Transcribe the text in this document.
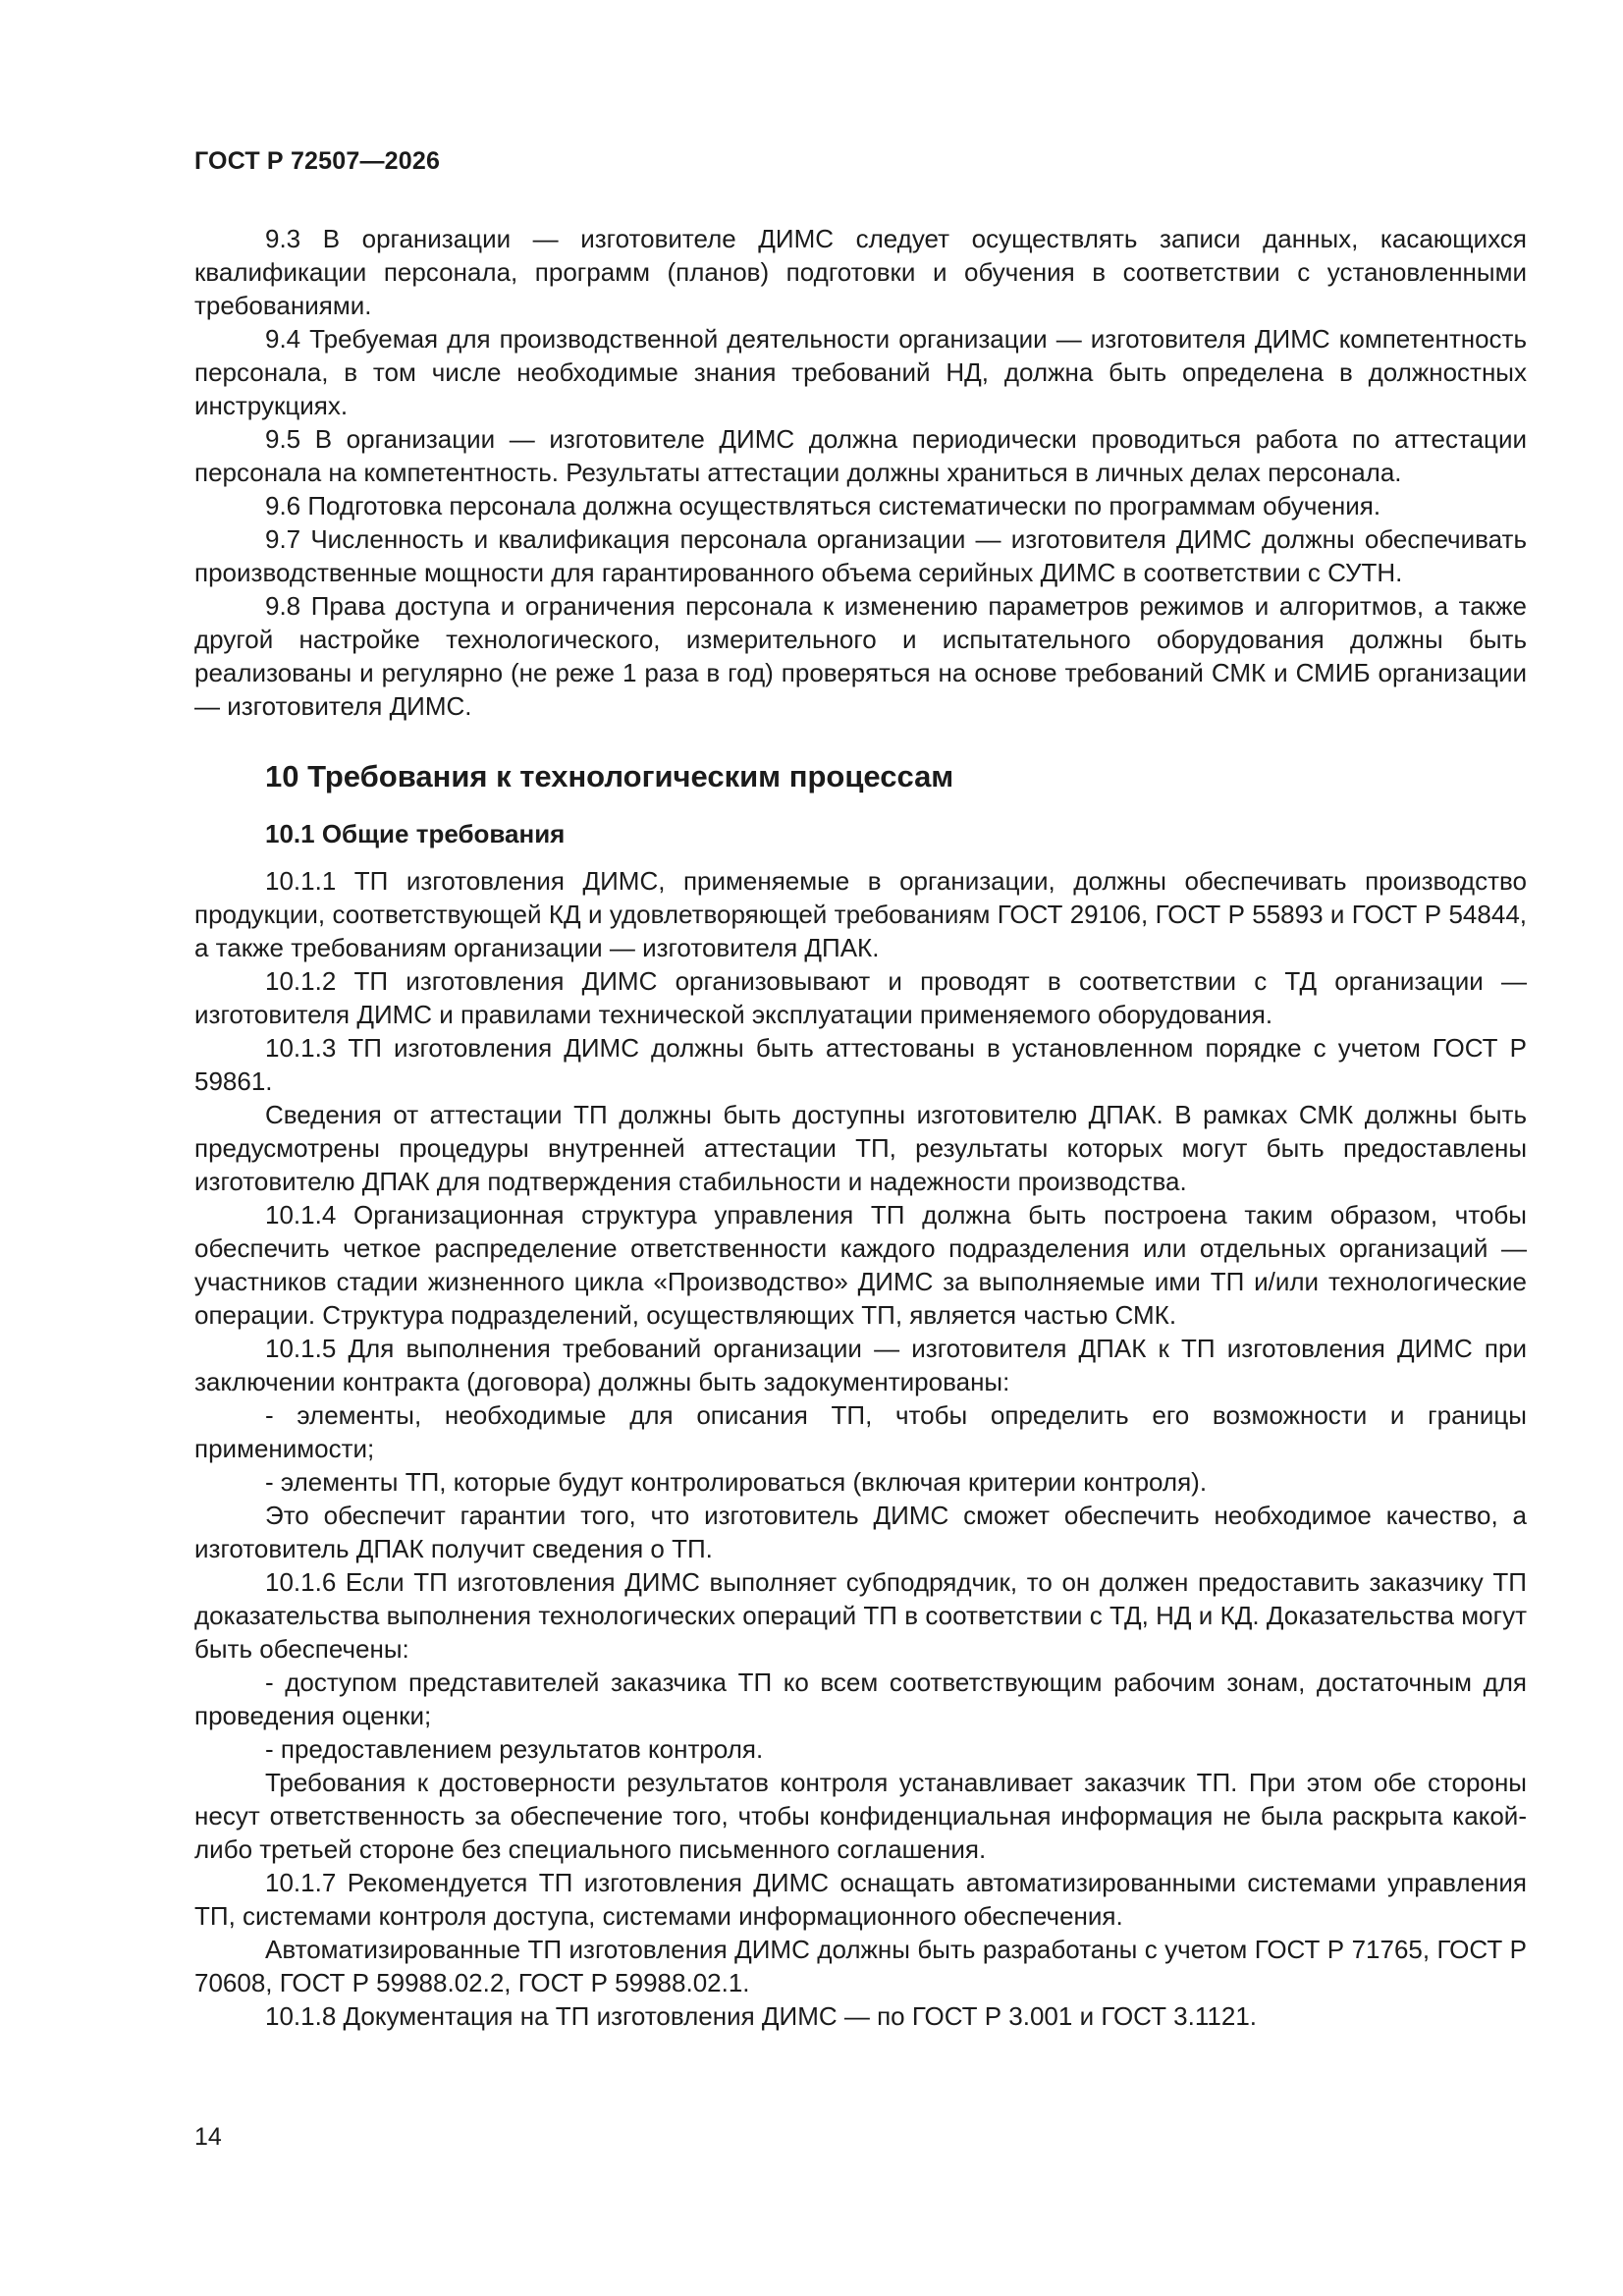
ГОСТ Р 72507—2026

9.3 В организации — изготовителе ДИМС следует осуществлять записи данных, касающихся квалификации персонала, программ (планов) подготовки и обучения в соответствии с установленными требованиями.

9.4 Требуемая для производственной деятельности организации — изготовителя ДИМС компетентность персонала, в том числе необходимые знания требований НД, должна быть определена в должностных инструкциях.

9.5 В организации — изготовителе ДИМС должна периодически проводиться работа по аттестации персонала на компетентность. Результаты аттестации должны храниться в личных делах персонала.

9.6 Подготовка персонала должна осуществляться систематически по программам обучения.

9.7 Численность и квалификация персонала организации — изготовителя ДИМС должны обеспечивать производственные мощности для гарантированного объема серийных ДИМС в соответствии с СУТН.

9.8 Права доступа и ограничения персонала к изменению параметров режимов и алгоритмов, а также другой настройке технологического, измерительного и испытательного оборудования должны быть реализованы и регулярно (не реже 1 раза в год) проверяться на основе требований СМК и СМИБ организации — изготовителя ДИМС.

10 Требования к технологическим процессам
10.1 Общие требования

10.1.1 ТП изготовления ДИМС, применяемые в организации, должны обеспечивать производство продукции, соответствующей КД и удовлетворяющей требованиям ГОСТ 29106, ГОСТ Р 55893 и ГОСТ Р 54844, а также требованиям организации — изготовителя ДПАК.

10.1.2 ТП изготовления ДИМС организовывают и проводят в соответствии с ТД организации — изготовителя ДИМС и правилами технической эксплуатации применяемого оборудования.

10.1.3 ТП изготовления ДИМС должны быть аттестованы в установленном порядке с учетом ГОСТ Р 59861.

Сведения от аттестации ТП должны быть доступны изготовителю ДПАК. В рамках СМК должны быть предусмотрены процедуры внутренней аттестации ТП, результаты которых могут быть предоставлены изготовителю ДПАК для подтверждения стабильности и надежности производства.

10.1.4 Организационная структура управления ТП должна быть построена таким образом, чтобы обеспечить четкое распределение ответственности каждого подразделения или отдельных организаций — участников стадии жизненного цикла «Производство» ДИМС за выполняемые ими ТП и/или технологические операции. Структура подразделений, осуществляющих ТП, является частью СМК.

10.1.5 Для выполнения требований организации — изготовителя ДПАК к ТП изготовления ДИМС при заключении контракта (договора) должны быть задокументированы:

- элементы, необходимые для описания ТП, чтобы определить его возможности и границы применимости;

- элементы ТП, которые будут контролироваться (включая критерии контроля).

Это обеспечит гарантии того, что изготовитель ДИМС сможет обеспечить необходимое качество, а изготовитель ДПАК получит сведения о ТП.

10.1.6 Если ТП изготовления ДИМС выполняет субподрядчик, то он должен предоставить заказчику ТП доказательства выполнения технологических операций ТП в соответствии с ТД, НД и КД. Доказательства могут быть обеспечены:

- доступом представителей заказчика ТП ко всем соответствующим рабочим зонам, достаточным для проведения оценки;

- предоставлением результатов контроля.

Требования к достоверности результатов контроля устанавливает заказчик ТП. При этом обе стороны несут ответственность за обеспечение того, чтобы конфиденциальная информация не была раскрыта какой-либо третьей стороне без специального письменного соглашения.

10.1.7 Рекомендуется ТП изготовления ДИМС оснащать автоматизированными системами управления ТП, системами контроля доступа, системами информационного обеспечения.

Автоматизированные ТП изготовления ДИМС должны быть разработаны с учетом ГОСТ Р 71765, ГОСТ Р 70608, ГОСТ Р 59988.02.2, ГОСТ Р 59988.02.1.

10.1.8 Документация на ТП изготовления ДИМС — по ГОСТ Р 3.001 и ГОСТ 3.1121.

14
